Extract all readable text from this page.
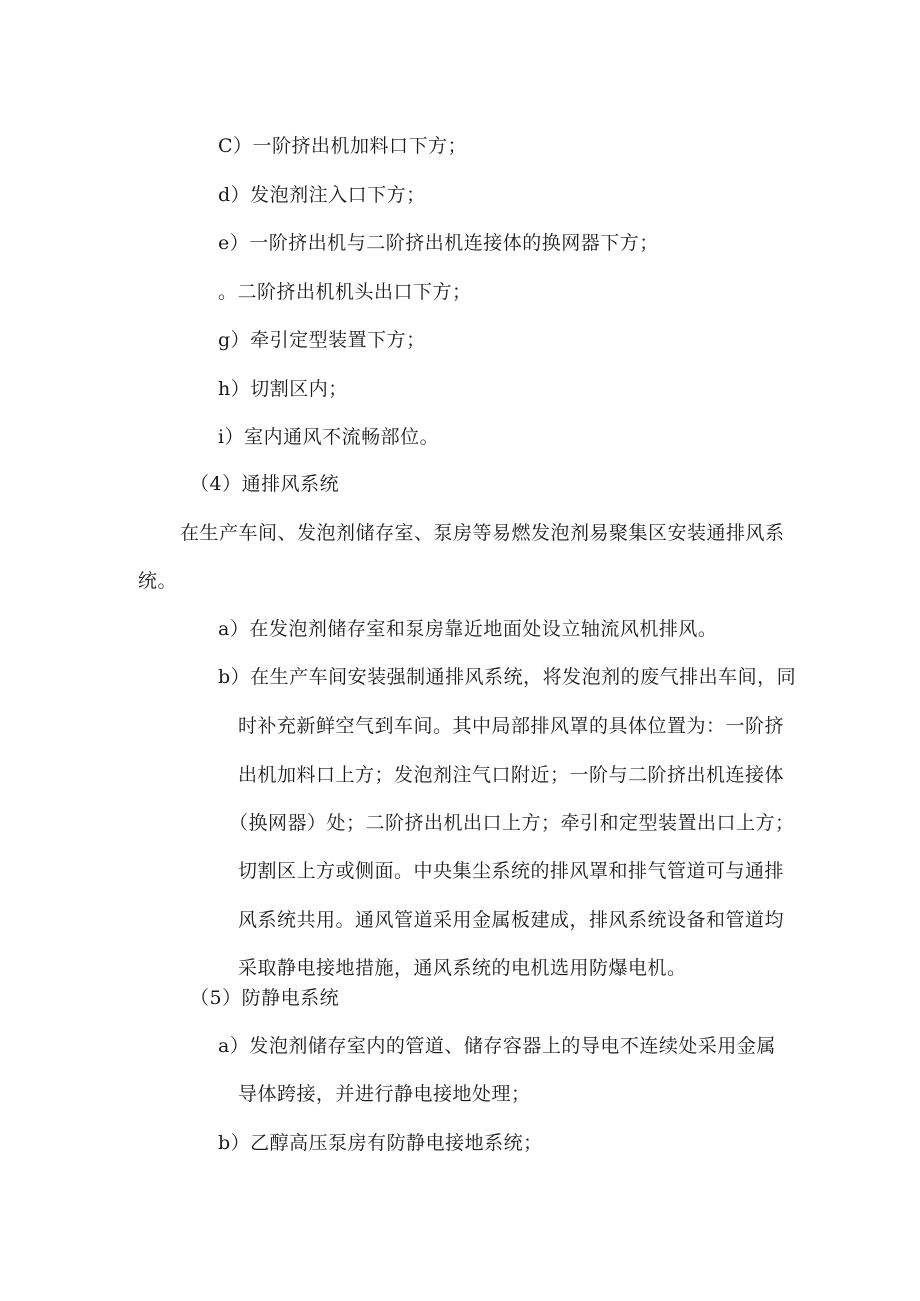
C）一阶挤出机加料口下方；
d）发泡剂注入口下方；
e）一阶挤出机与二阶挤出机连接体的换网器下方；
。二阶挤出机机头出口下方；
g）牵引定型装置下方；
h）切割区内；
i）室内通风不流畅部位。
（4）通排风系统
在生产车间、发泡剂储存室、泵房等易燃发泡剂易聚集区安装通排风系
统。
a）在发泡剂储存室和泵房靠近地面处设立轴流风机排风。
b）在生产车间安装强制通排风系统，将发泡剂的废气排出车间，同
时补充新鲜空气到车间。其中局部排风罩的具体位置为：一阶挤
出机加料口上方；发泡剂注气口附近；一阶与二阶挤出机连接体
（换网器）处；二阶挤出机出口上方；牵引和定型装置出口上方；
切割区上方或侧面。中央集尘系统的排风罩和排气管道可与通排
风系统共用。通风管道采用金属板建成，排风系统设备和管道均
采取静电接地措施，通风系统的电机选用防爆电机。
（5）防静电系统
a）发泡剂储存室内的管道、储存容器上的导电不连续处采用金属
导体跨接，并进行静电接地处理；
b）乙醇高压泵房有防静电接地系统；
